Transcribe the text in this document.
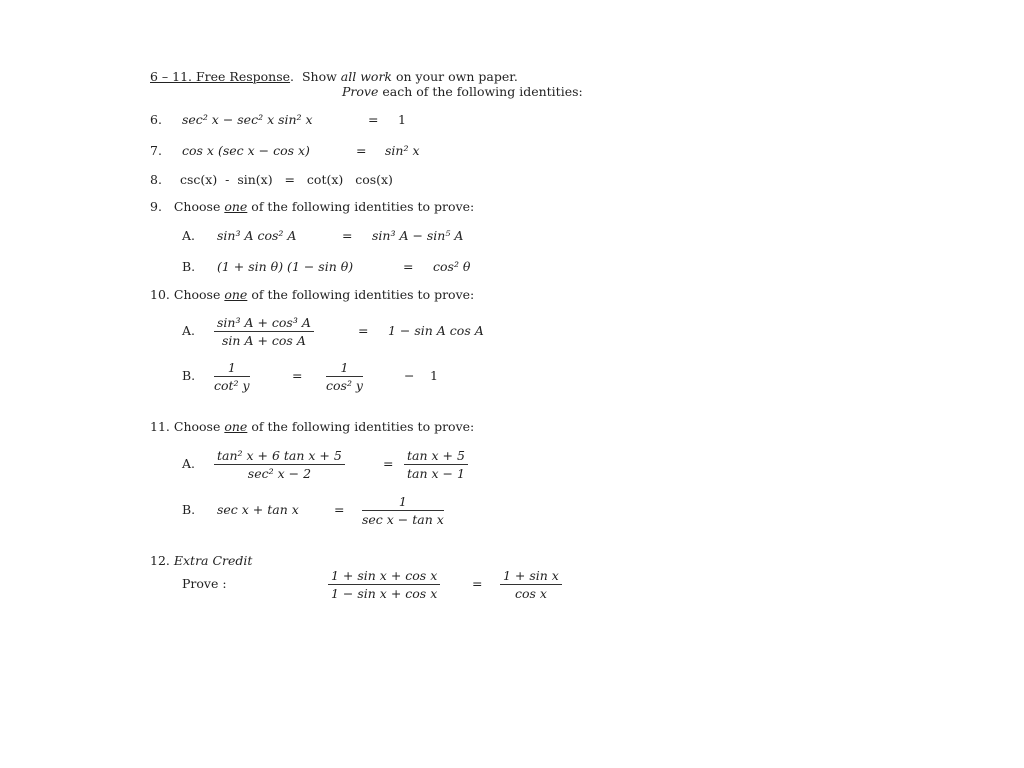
6 – 11. Free Response.  Show all work on your own paper.
Prove each of the following identities:
6. sec² x − sec² x sin² x	= 1
7. cos x (sec x − cos x)	= sin² x
8. csc(x)  -  sin(x)   =   cot(x)   cos(x)
9. Choose one of the following identities to prove:
A. sin³ A cos² A	= sin³ A − sin⁵ A
B. (1 + sin θ) (1 − sin θ)	= cos² θ
10. Choose one of the following identities to prove:
A. $\frac{\text{sin³ A + cos³ A}}{\text{sin A + cos A}}$	= 1 − sin A cos A
B. $\frac{1}{\text{cot² y}}$	= $\frac{1}{\text{cos² y}}$	− 1
11. Choose one of the following identities to prove:
A.
tan² x + 6 tan x + 5
sec² x − 2
= $\frac{\text{tan x + 5}}{\text{tan x − 1}}$
B. sec x + tan x	=
1
sec x − tan x
12. Extra Credit
Prove :	$\frac{\text{1 + sin x + cos x}}{\text{1 − sin x + cos x}}$	= $\frac{\text{1 + sin x}}{\text{cos x}}$
